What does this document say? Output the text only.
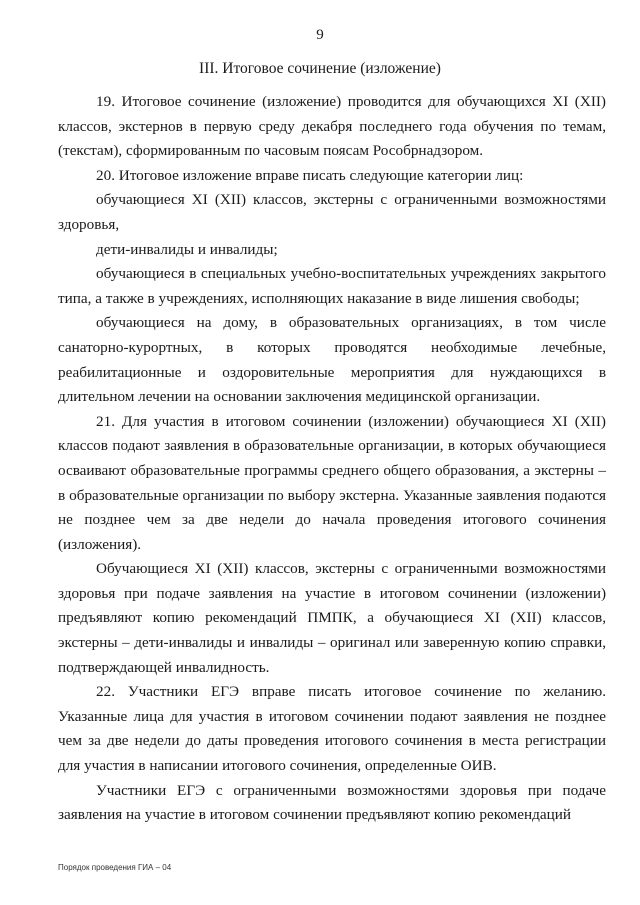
9
III. Итоговое сочинение (изложение)

19. Итоговое сочинение (изложение) проводится для обучающихся XI (XII) классов, экстернов в первую среду декабря последнего года обучения по темам, (текстам), сформированным по часовым поясам Рособрнадзором.

20. Итоговое изложение вправе писать следующие категории лиц:

обучающиеся XI (XII) классов, экстерны с ограниченными возможностями здоровья,

дети-инвалиды и инвалиды;

обучающиеся в специальных учебно-воспитательных учреждениях закрытого типа, а также в учреждениях, исполняющих наказание в виде лишения свободы;

обучающиеся на дому, в образовательных организациях, в том числе санаторно-курортных, в которых проводятся необходимые лечебные, реабилитационные и оздоровительные мероприятия для нуждающихся в длительном лечении на основании заключения медицинской организации.

21. Для участия в итоговом сочинении (изложении) обучающиеся XI (XII) классов подают заявления в образовательные организации, в которых обучающиеся осваивают образовательные программы среднего общего образования, а экстерны – в образовательные организации по выбору экстерна. Указанные заявления подаются не позднее чем за две недели до начала проведения итогового сочинения (изложения).

Обучающиеся XI (XII) классов, экстерны с ограниченными возможностями здоровья при подаче заявления на участие в итоговом сочинении (изложении) предъявляют копию рекомендаций ПМПК, а обучающиеся XI (XII) классов, экстерны – дети-инвалиды и инвалиды – оригинал или заверенную копию справки, подтверждающей инвалидность.

22. Участники ЕГЭ вправе писать итоговое сочинение по желанию. Указанные лица для участия в итоговом сочинении подают заявления не позднее чем за две недели до даты проведения итогового сочинения в места регистрации для участия в написании итогового сочинения, определенные ОИВ.

Участники ЕГЭ с ограниченными возможностями здоровья при подаче заявления на участие в итоговом сочинении предъявляют копию рекомендаций

Порядок проведения ГИА – 04
